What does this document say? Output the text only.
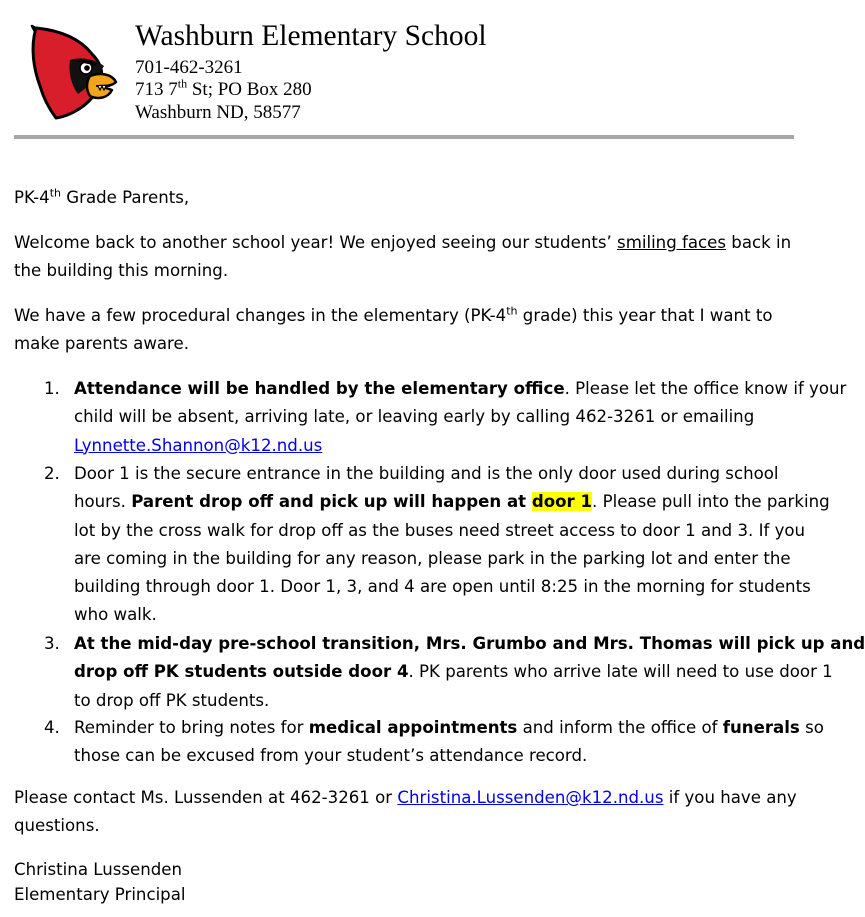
Washburn Elementary School
701-462-3261
713 7th St; PO Box 280
Washburn ND, 58577
PK-4th Grade Parents,
Welcome back to another school year! We enjoyed seeing our students’ smiling faces back in
the building this morning.
We have a few procedural changes in the elementary (PK-4th grade) this year that I want to
make parents aware.
1. Attendance will be handled by the elementary office. Please let the office know if your
child will be absent, arriving late, or leaving early by calling 462-3261 or emailing
Lynnette.Shannon@k12.nd.us
2. Door 1 is the secure entrance in the building and is the only door used during school
hours. Parent drop off and pick up will happen at door 1. Please pull into the parking
lot by the cross walk for drop off as the buses need street access to door 1 and 3. If you
are coming in the building for any reason, please park in the parking lot and enter the
building through door 1. Door 1, 3, and 4 are open until 8:25 in the morning for students
who walk.
3. At the mid-day pre-school transition, Mrs. Grumbo and Mrs. Thomas will pick up and
drop off PK students outside door 4. PK parents who arrive late will need to use door 1
to drop off PK students.
4. Reminder to bring notes for medical appointments and inform the office of funerals so
those can be excused from your student’s attendance record.
Please contact Ms. Lussenden at 462-3261 or Christina.Lussenden@k12.nd.us if you have any
questions.
Christina Lussenden
Elementary Principal
